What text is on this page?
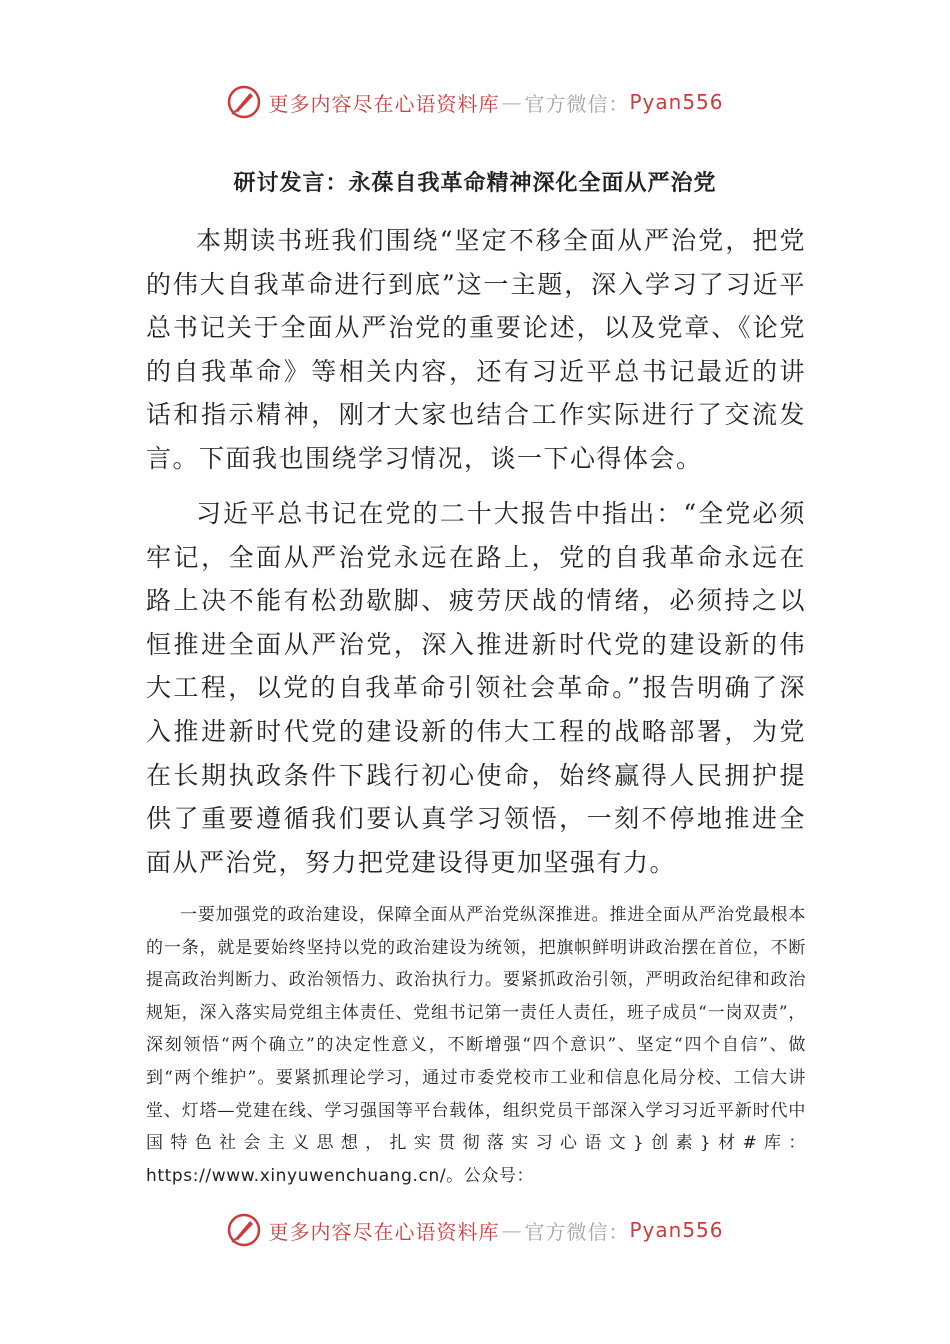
更多内容尽在心语资料库 — 官方微信： Pyan556
研讨发言：永葆自我革命精神深化全面从严治党

本期读书班我们围绕“坚定不移全面从严治党，把党的伟大自我革命进行到底”这一主题，深入学习了习近平总书记关于全面从严治党的重要论述，以及党章、《论党的自我革命》等相关内容，还有习近平总书记最近的讲话和指示精神，刚才大家也结合工作实际进行了交流发言。下面我也围绕学习情况，谈一下心得体会。

习近平总书记在党的二十大报告中指出：“全党必须牢记，全面从严治党永远在路上，党的自我革命永远在路上决不能有松劲歇脚、疲劳厌战的情绪，必须持之以恒推进全面从严治党，深入推进新时代党的建设新的伟大工程，以党的自我革命引领社会革命。”报告明确了深入推进新时代党的建设新的伟大工程的战略部署，为党在长期执政条件下践行初心使命，始终赢得人民拥护提供了重要遵循我们要认真学习领悟，一刻不停地推进全面从严治党，努力把党建设得更加坚强有力。

一要加强党的政治建设，保障全面从严治党纵深推进。推进全面从严治党最根本的一条，就是要始终坚持以党的政治建设为统领，把旗帜鲜明讲政治摆在首位，不断提高政治判断力、政治领悟力、政治执行力。要紧抓政治引领，严明政治纪律和政治规矩，深入落实局党组主体责任、党组书记第一责任人责任，班子成员“一岗双责”，深刻领悟“两个确立”的决定性意义，不断增强“四个意识”、坚定“四个自信”、做到“两个维护”。要紧抓理论学习，通过市委党校市工业和信息化局分校、工信大讲堂、灯塔—党建在线、学习强国等平台载体，组织党员干部深入学习习近平新时代中国特色社会主义思想，扎实贯彻落实习心语文}创素}材#库：https://www.xinyuwenchuang.cn/。公众号：

更多内容尽在心语资料库 — 官方微信： Pyan556
